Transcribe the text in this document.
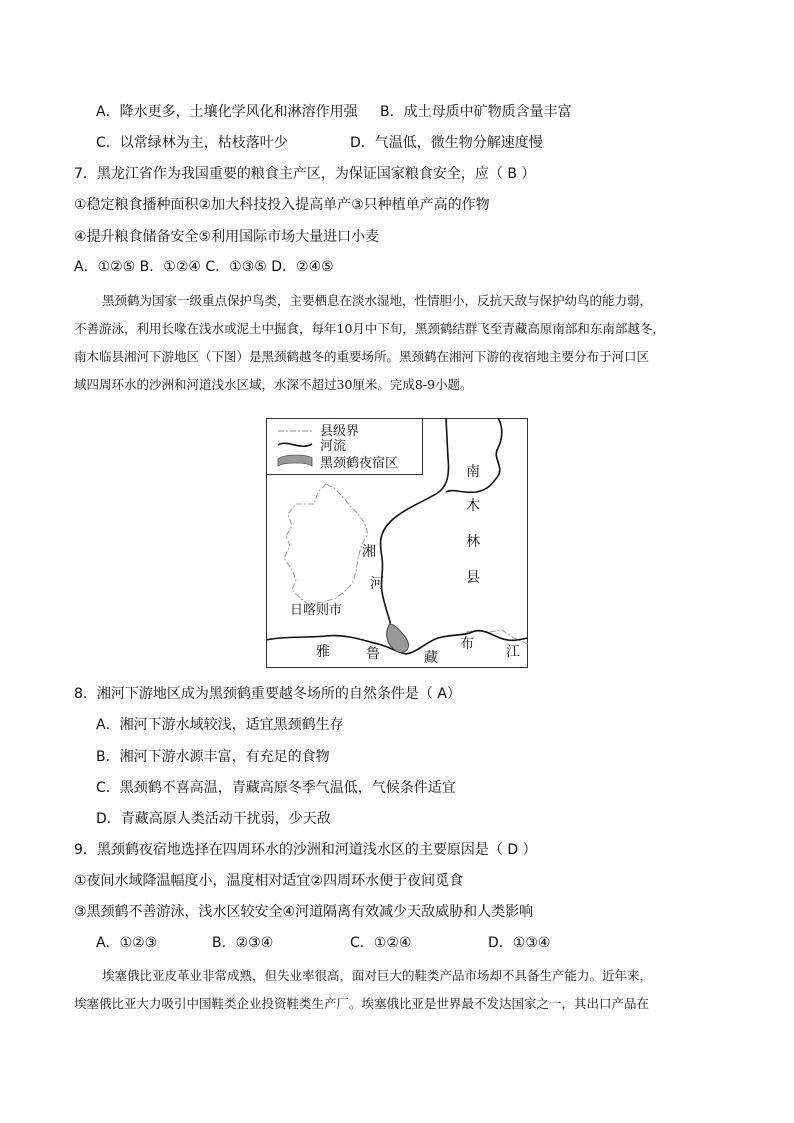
A．降水更多，土壤化学风化和淋溶作用强 B．成土母质中矿物质含量丰富
C．以常绿林为主，枯枝落叶少	D．气温低，微生物分解速度慢
7．黑龙江省作为我国重要的粮食主产区，为保证国家粮食安全，应（ B ）
①稳定粮食播种面积②加大科技投入提高单产③只种植单产高的作物
④提升粮食储备安全⑤利用国际市场大量进口小麦
A．①②⑤ B．①②④ C．①③⑤ D．②④⑤

黑颈鹤为国家一级重点保护鸟类，主要栖息在淡水湿地，性情胆小，反抗天敌与保护幼鸟的能力弱，

不善游泳，利用长喙在浅水或泥土中掘食，每年10月中下旬，黑颈鹤结群飞至青藏高原南部和东南部越冬，

南木临县湘河下游地区（下图）是黑颈鹤越冬的重要场所。黑颈鹤在湘河下游的夜宿地主要分布于河口区

域四周环水的沙洲和河道浅水区域，水深不超过30厘米。完成8-9小题。

县级界
河流
黑颈鹤夜宿区
南
木
林
县
湘
河
日喀则市
雅	鲁	藏
布 江
8．湘河下游地区成为黑颈鹤重要越冬场所的自然条件是（ A）
A．湘河下游水域较浅，适宜黑颈鹤生存
B．湘河下游水源丰富，有充足的食物
C．黑颈鹤不喜高温，青藏高原冬季气温低，气候条件适宜
D．青藏高原人类活动干扰弱，少天敌
9．黑颈鹤夜宿地选择在四周环水的沙洲和河道浅水区的主要原因是（ D ）
①夜间水域降温幅度小，温度相对适宜②四周环水便于夜间觅食
③黑颈鹤不善游泳，浅水区较安全④河道隔离有效减少天敌威胁和人类影响
A．①②③	B．②③④	C．①②④	D．①③④

埃塞俄比亚皮革业非常成熟，但失业率很高，面对巨大的鞋类产品市场却不具备生产能力。近年来，

埃塞俄比亚大力吸引中国鞋类企业投资鞋类生产厂。埃塞俄比亚是世界最不发达国家之一，其出口产品在
